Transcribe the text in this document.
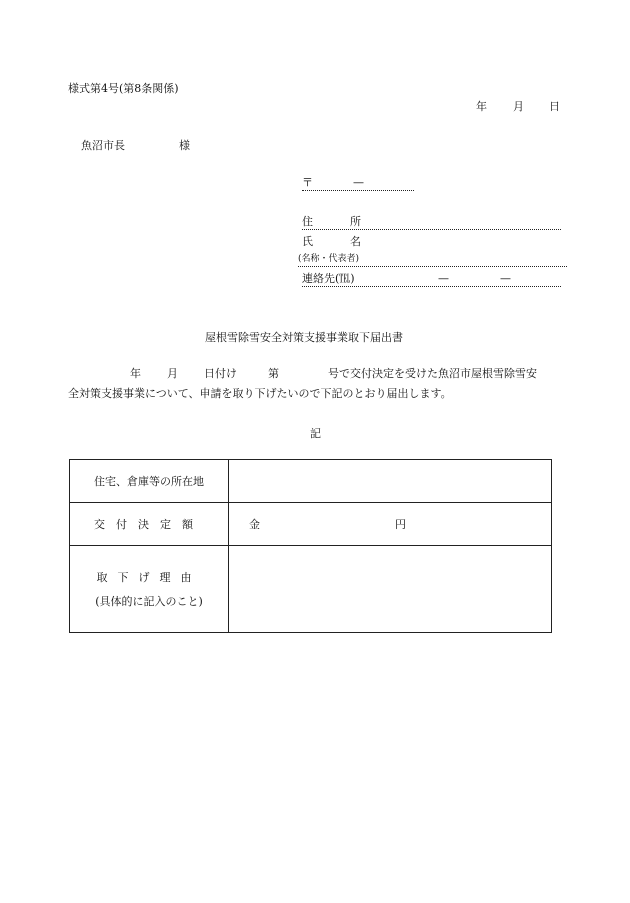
様式第4号(第8条関係)
年 月 日
魚沼市長	様
〒	—
住	所
氏	名
(名称・代表者)
連絡先(℡)	—	—
屋根雪除雪安全対策支援事業取下届出書
年 月 日付け	第	号で交付決定を受けた魚沼市屋根雪除雪安
全対策支援事業について、申請を取り下げたいので下記のとおり届出します。
記
住宅、倉庫等の所在地	
交付決定額	金 円

取下げ理由
(具体的に記入のこと)	
